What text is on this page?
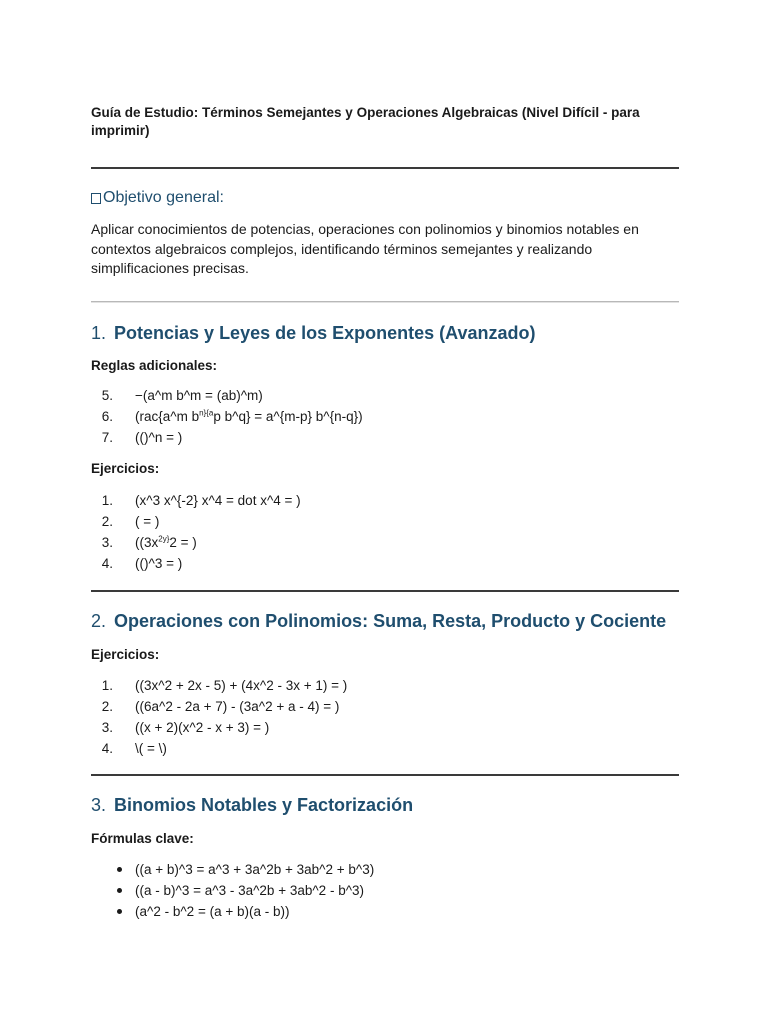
Guía de Estudio: Términos Semejantes y Operaciones Algebraicas (Nivel Difícil - para imprimir)

Objetivo general:

Aplicar conocimientos de potencias, operaciones con polinomios y binomios notables en contextos algebraicos complejos, identificando términos semejantes y realizando simplificaciones precisas.

1. Potencias y Leyes de los Exponentes (Avanzado)

Reglas adicionales:

5. −(a^m b^m = (ab)^m)
6. (rac{a^m $b^{n\}\{a}p$ b^q} = a^{m-p} b^{n-q})
7. (()^n = )

Ejercicios:

1. (x^3 x^{-2} x^4 = dot x^4 = )
2. ( = )
3. (($3x^{2y\}}2$ = )
4. (()^3 = )
2. Operaciones con Polinomios: Suma, Resta, Producto y Cociente

Ejercicios:

1. ((3x^2 + 2x - 5) + (4x^2 - 3x + 1) = )
2. ((6a^2 - 2a + 7) - (3a^2 + a - 4) = )
3. ((x + 2)(x^2 - x + 3) = )
4. \( = \)
3. Binomios Notables y Factorización

Fórmulas clave:

((a + b)^3 = a^3 + 3a^2b + 3ab^2 + b^3)
((a - b)^3 = a^3 - 3a^2b + 3ab^2 - b^3)
(a^2 - b^2 = (a + b)(a - b))
